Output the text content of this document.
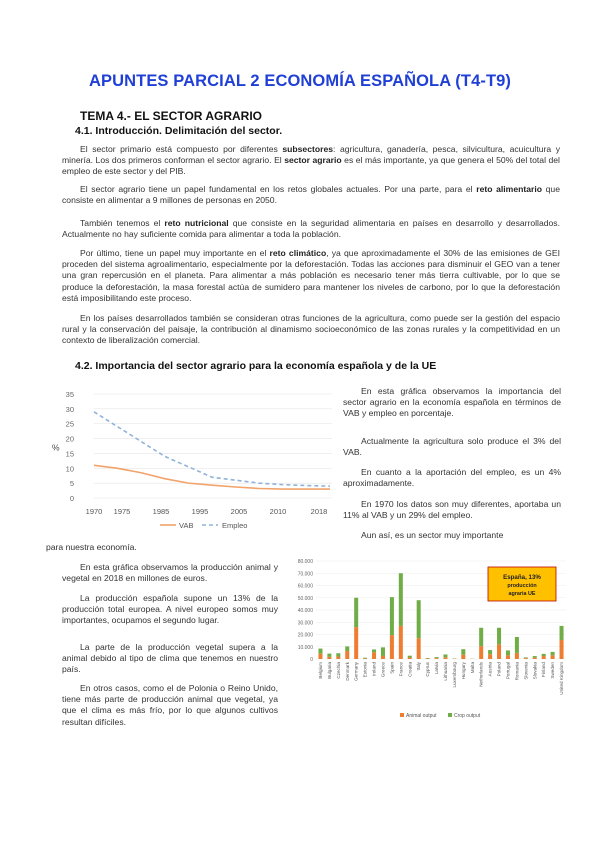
APUNTES PARCIAL 2 ECONOMÍA ESPAÑOLA (T4-T9)
TEMA 4.- EL SECTOR AGRARIO
4.1. Introducción. Delimitación del sector.
El sector primario está compuesto por diferentes subsectores: agricultura, ganadería, pesca, silvicultura, acuicultura y minería. Los dos primeros conforman el sector agrario. El sector agrario es el más importante, ya que genera el 50% del total del empleo de este sector y del PIB.
El sector agrario tiene un papel fundamental en los retos globales actuales. Por una parte, para el reto alimentario que consiste en alimentar a 9 millones de personas en 2050.
También tenemos el reto nutricional que consiste en la seguridad alimentaria en países en desarrollo y desarrollados. Actualmente no hay suficiente comida para alimentar a toda la población.
Por último, tiene un papel muy importante en el reto climático, ya que aproximadamente el 30% de las emisiones de GEI proceden del sistema agroalimentario, especialmente por la deforestación. Todas las acciones para disminuir el GEO van a tener una gran repercusión en el planeta. Para alimentar a más población es necesario tener más tierra cultivable, por lo que se produce la deforestación, la masa forestal actúa de sumidero para mantener los niveles de carbono, por lo que la deforestación está imposibilitando este proceso.
En los países desarrollados también se consideran otras funciones de la agricultura, como puede ser la gestión del espacio rural y la conservación del paisaje, la contribución al dinamismo socioeconómico de las zonas rurales y la competitividad en un contexto de liberalización comercial.
4.2. Importancia del sector agrario para la economía española y de la UE
0
5
10
15
20
25
30
35
%
1970 1975	1985	1995	2005	2010	2018
VAB	Empleo
En esta gráfica observamos la importancia del sector agrario en la economía española en términos de VAB y empleo en porcentaje.
Actualmente la agricultura solo produce el 3% del VAB.
En cuanto a la aportación del empleo, es un 4% aproximadamente.
En 1970 los datos son muy diferentes, aportaba un 11% al VAB y un 29% del empleo.
Aun así, es un sector muy importante
para nuestra economía.
En esta gráfica observamos la producción animal y vegetal en 2018 en millones de euros.
La producción española supone un 13% de la producción total europea. A nivel europeo somos muy importantes, ocupamos el segundo lugar.
La parte de la producción vegetal supera a la animal debido al tipo de clima que tenemos en nuestro país.
En otros casos, como el de Polonia o Reino Unido, tiene más parte de producción animal que vegetal, ya que el clima es más frío, por lo que algunos cultivos resultan difíciles.
0
10.000
20.000
30.000
40.000
50.000
60.000
70.000
80.000
Belgium Bulgaria Czechia Denmark Germany Estonia Ireland Greece Spain France Croatia Italy Cyprus Latvia Lithuania Luxembourg Hungary Malta Netherlands Austria Poland Portugal Romania Slovenia Slovakia Finland Sweden United Kingdom
España, 13%
producción
agraria UE
Animal output	Crop output
